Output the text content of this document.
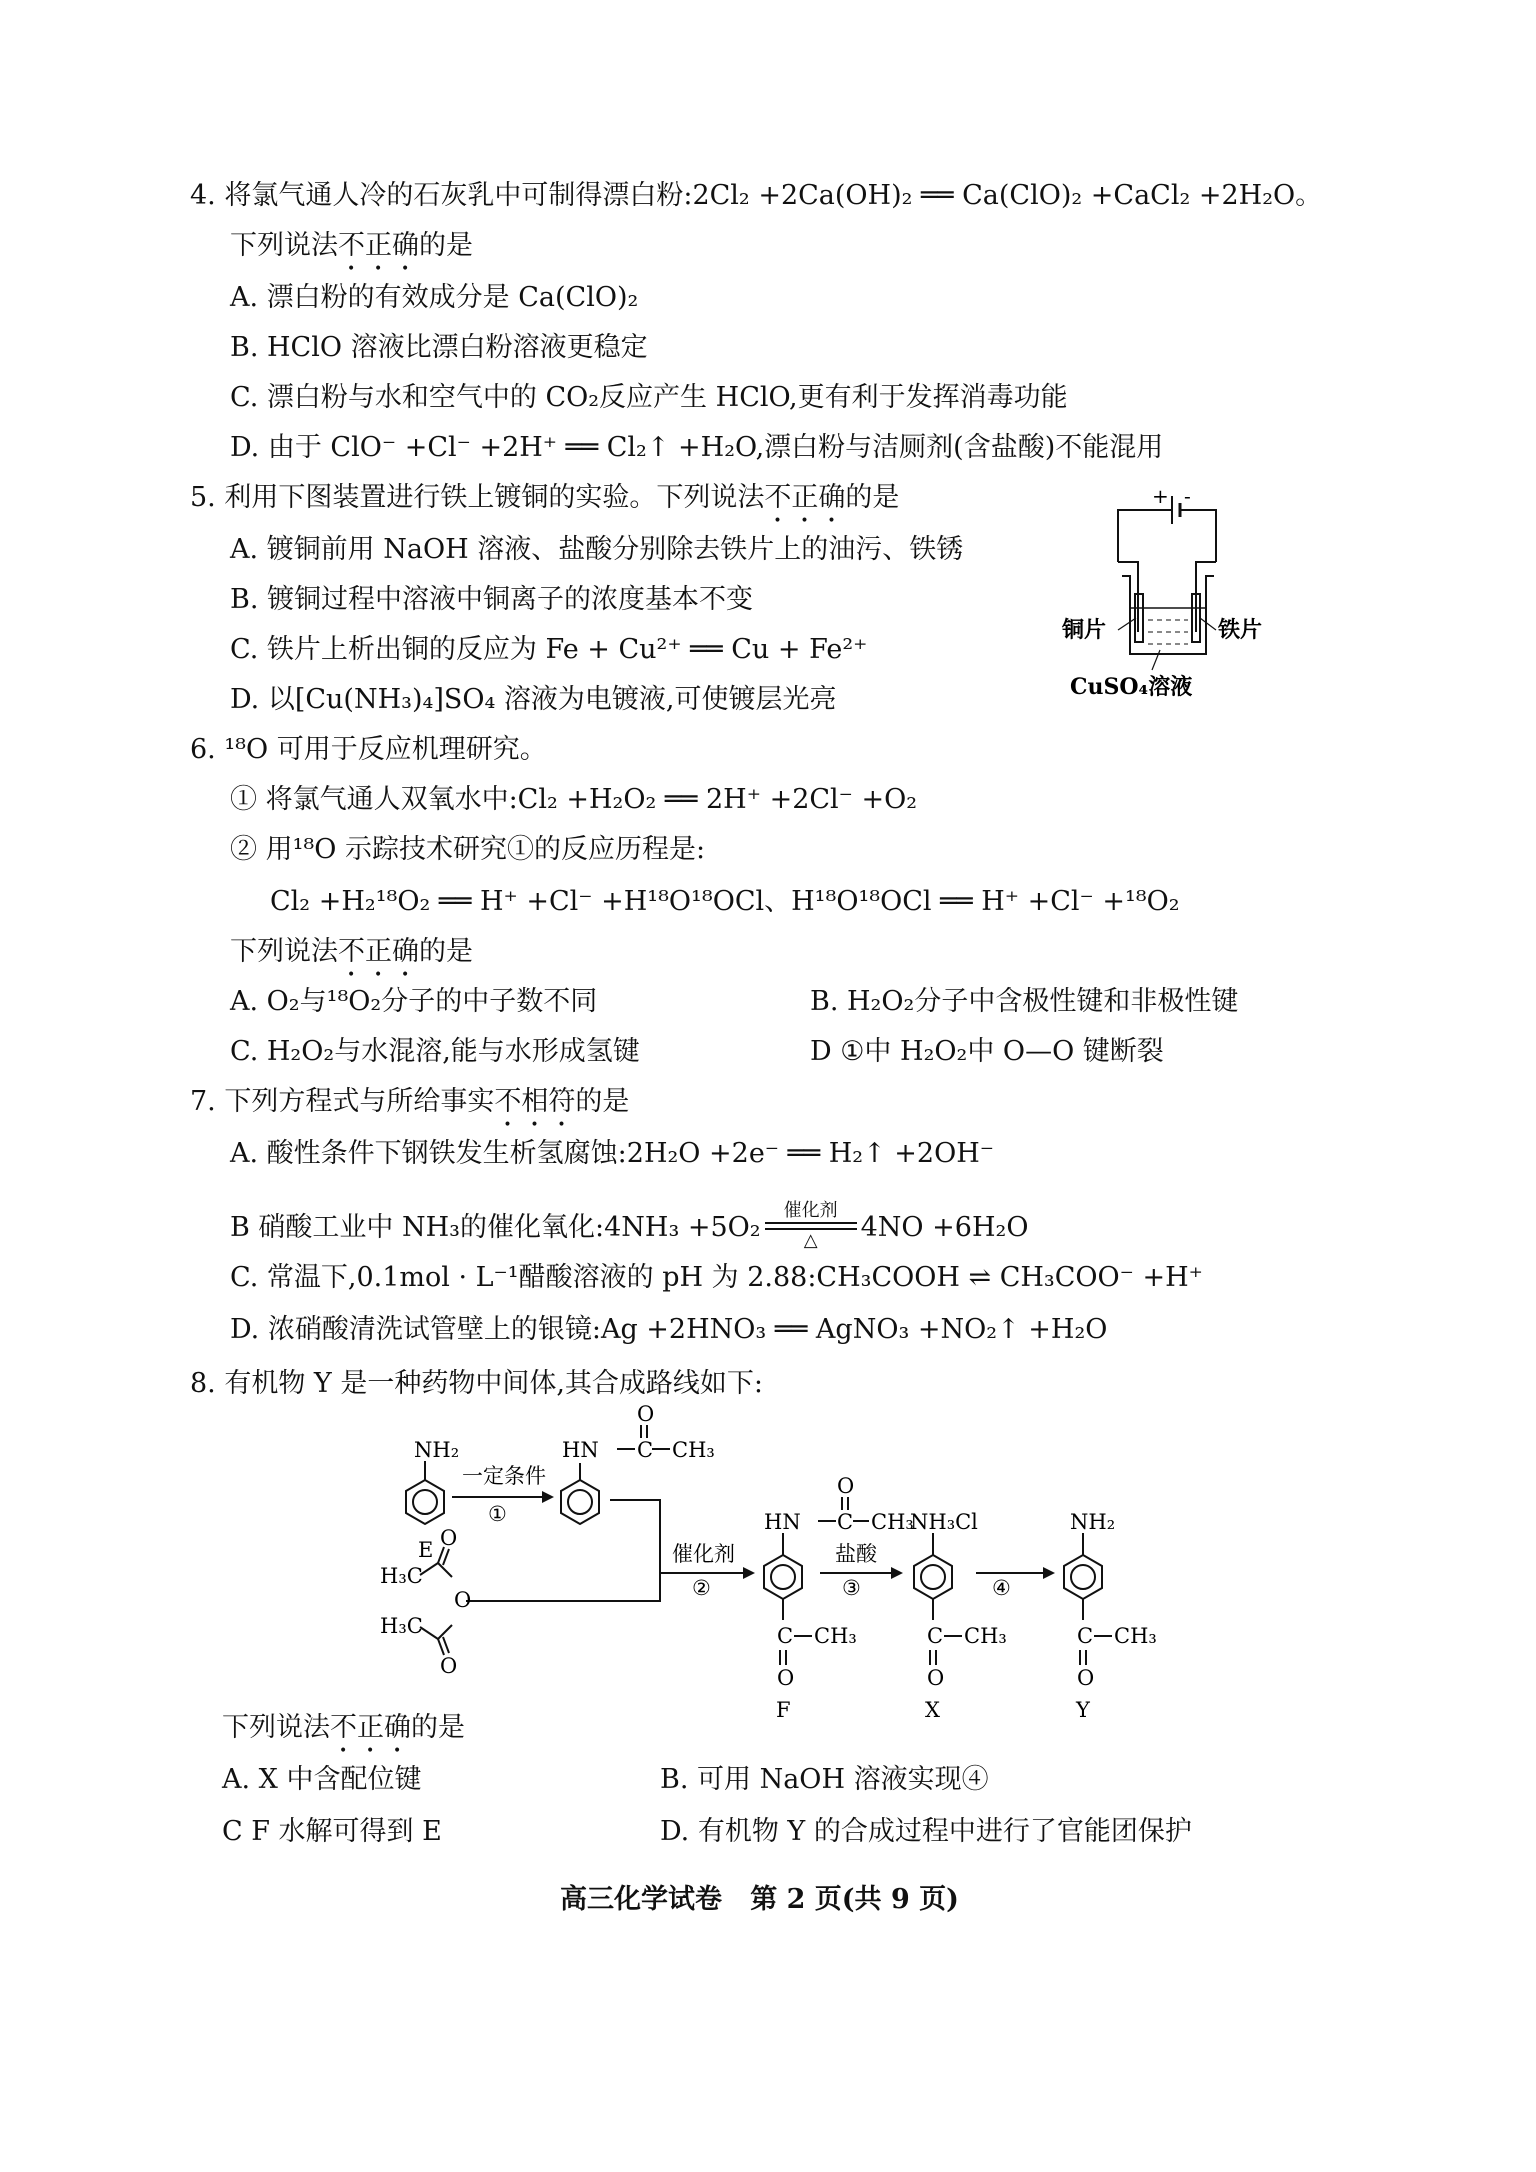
4. 将氯气通人冷的石灰乳中可制得漂白粉:2Cl₂ +2Ca(OH)₂ ══ Ca(ClO)₂ +CaCl₂ +2H₂O。
下列说法不正确的是
A. 漂白粉的有效成分是 Ca(ClO)₂
B. HClO 溶液比漂白粉溶液更稳定
C. 漂白粉与水和空气中的 CO₂反应产生 HClO,更有利于发挥消毒功能
D. 由于 ClO⁻ +Cl⁻ +2H⁺ ══ Cl₂↑ +H₂O,漂白粉与洁厕剂(含盐酸)不能混用
5. 利用下图装置进行铁上镀铜的实验。下列说法不正确的是
A. 镀铜前用 NaOH 溶液、盐酸分别除去铁片上的油污、铁锈
B. 镀铜过程中溶液中铜离子的浓度基本不变
C. 铁片上析出铜的反应为 Fe + Cu²⁺ ══ Cu + Fe²⁺
D. 以[Cu(NH₃)₄]SO₄ 溶液为电镀液,可使镀层光亮
+ -
铜片	铁片
CuSO₄溶液
6. ¹⁸O 可用于反应机理研究。
① 将氯气通人双氧水中:Cl₂ +H₂O₂ ══ 2H⁺ +2Cl⁻ +O₂
② 用¹⁸O 示踪技术研究①的反应历程是:
Cl₂ +H₂¹⁸O₂ ══ H⁺ +Cl⁻ +H¹⁸O¹⁸OCl、H¹⁸O¹⁸OCl ══ H⁺ +Cl⁻ +¹⁸O₂
下列说法不正确的是
A. O₂与¹⁸O₂分子的中子数不同	B. H₂O₂分子中含极性键和非极性键
C. H₂O₂与水混溶,能与水形成氢键	D ①中 H₂O₂中 O—O 键断裂
7. 下列方程式与所给事实不相符的是
A. 酸性条件下钢铁发生析氢腐蚀:2H₂O +2e⁻ ══ H₂↑ +2OH⁻
B 硝酸工业中 NH₃的催化氧化:4NH₃ +5O₂
催化剂
△ 4NO +6H₂O
C. 常温下,0.1mol · L⁻¹醋酸溶液的 pH 为 2.88:CH₃COOH ⇌ CH₃COO⁻ +H⁺
D. 浓硝酸清洗试管壁上的银镜:Ag +2HNO₃ ══ AgNO₃ +NO₂↑ +H₂O
8. 有机物 Y 是一种药物中间体,其合成路线如下:
NH₂
E
一定条件
①
HN C CH₃
O
H₃C
H₃C
O
O
O
催化剂
②
HN C CH₃
O
C CH₃
O
F
盐酸
③
NH₃Cl
C CH₃
O
X
④
NH₂
C CH₃
O
Y
下列说法不正确的是
A. X 中含配位键	B. 可用 NaOH 溶液实现④
C F 水解可得到 E	D. 有机物 Y 的合成过程中进行了官能团保护
高三化学试卷   第 2 页(共 9 页)
